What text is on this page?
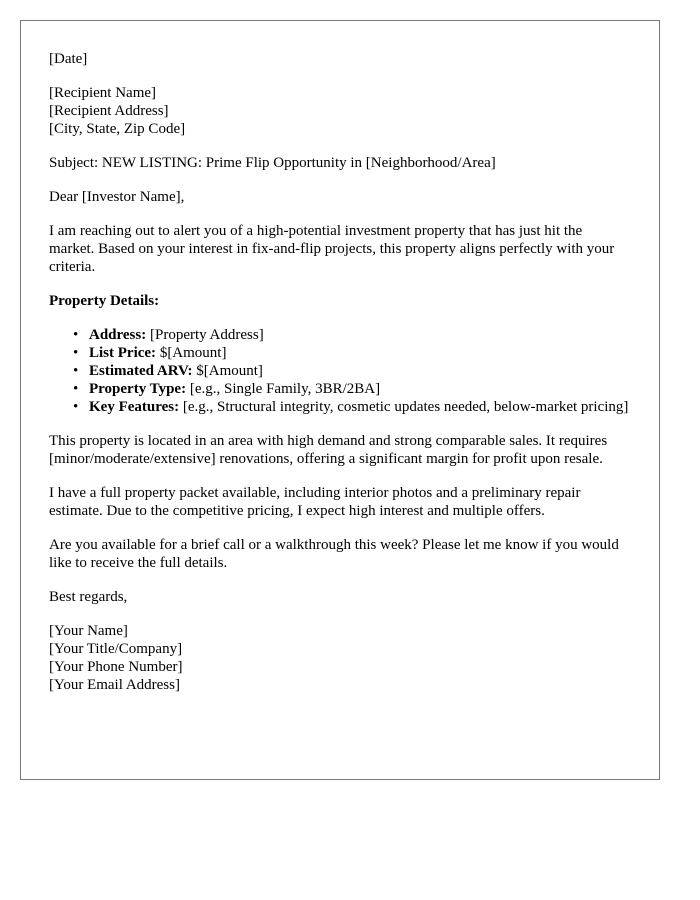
[Date]

[Recipient Name]
[Recipient Address]
[City, State, Zip Code]

Subject: NEW LISTING: Prime Flip Opportunity in [Neighborhood/Area]

Dear [Investor Name],

I am reaching out to alert you of a high-potential investment property that has just hit the market. Based on your interest in fix-and-flip projects, this property aligns perfectly with your criteria.

Property Details:

• Address: [Property Address]
• List Price: $[Amount]
• Estimated ARV: $[Amount]
• Property Type: [e.g., Single Family, 3BR/2BA]
• Key Features: [e.g., Structural integrity, cosmetic updates needed, below-market pricing]

This property is located in an area with high demand and strong comparable sales. It requires [minor/moderate/extensive] renovations, offering a significant margin for profit upon resale.

I have a full property packet available, including interior photos and a preliminary repair estimate. Due to the competitive pricing, I expect high interest and multiple offers.

Are you available for a brief call or a walkthrough this week? Please let me know if you would like to receive the full details.

Best regards,

[Your Name]
[Your Title/Company]
[Your Phone Number]
[Your Email Address]
